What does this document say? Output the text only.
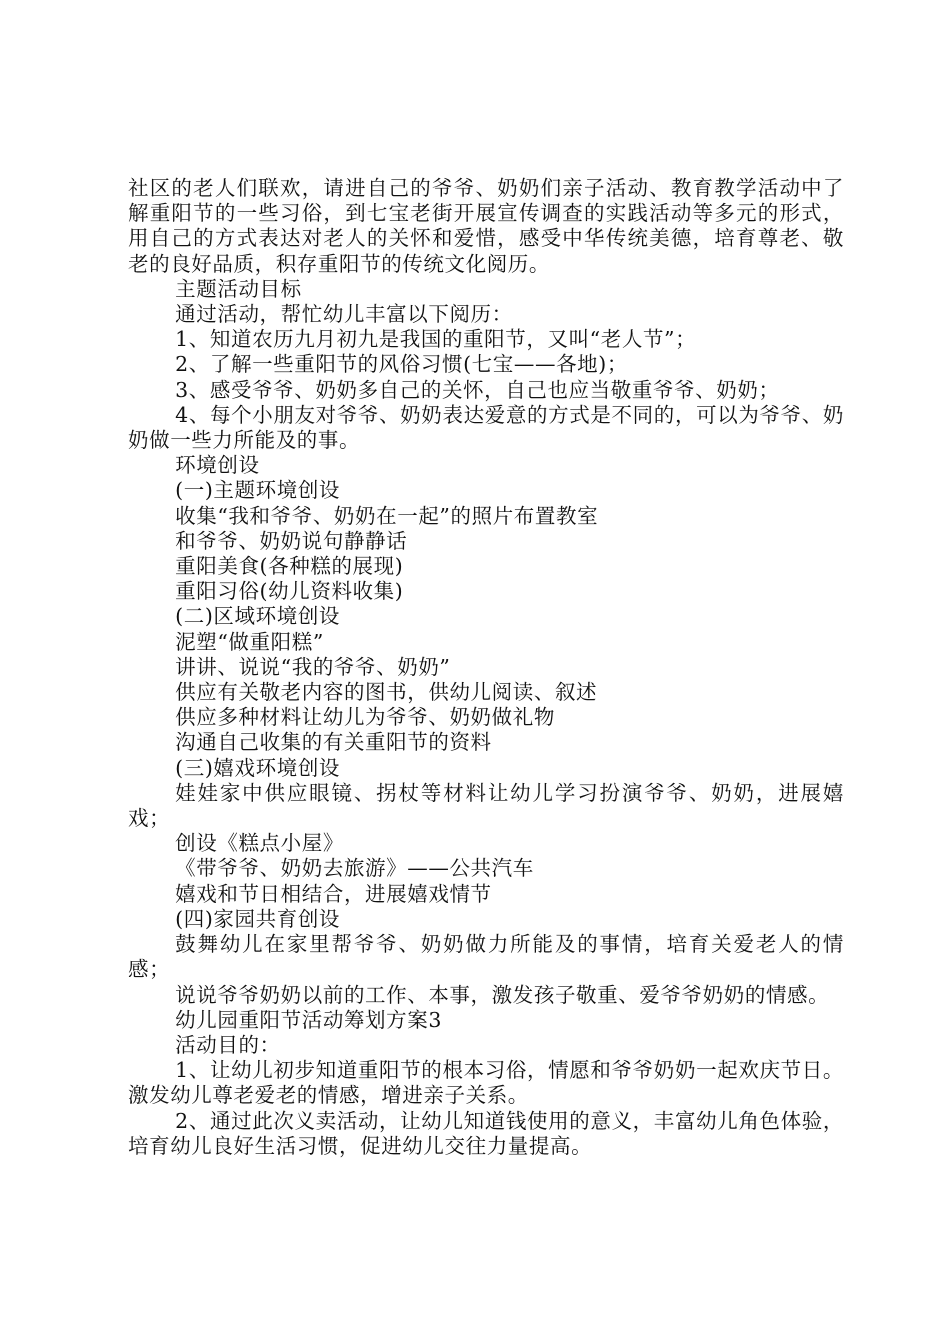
社区的老人们联欢，请进自己的爷爷、奶奶们亲子活动、教育教学活动中了解重阳节的一些习俗，到七宝老街开展宣传调查的实践活动等多元的形式，用自己的方式表达对老人的关怀和爱惜，感受中华传统美德，培育尊老、敬老的良好品质，积存重阳节的传统文化阅历。

主题活动目标

通过活动，帮忙幼儿丰富以下阅历：

1、知道农历九月初九是我国的重阳节，又叫“老人节”；

2、了解一些重阳节的风俗习惯(七宝——各地)；

3、感受爷爷、奶奶多自己的关怀，自己也应当敬重爷爷、奶奶；

4、每个小朋友对爷爷、奶奶表达爱意的方式是不同的，可以为爷爷、奶奶做一些力所能及的事。

环境创设

(一)主题环境创设

收集“我和爷爷、奶奶在一起”的照片布置教室

和爷爷、奶奶说句静静话

重阳美食(各种糕的展现)

重阳习俗(幼儿资料收集)

(二)区域环境创设

泥塑“做重阳糕”

讲讲、说说“我的爷爷、奶奶”

供应有关敬老内容的图书，供幼儿阅读、叙述

供应多种材料让幼儿为爷爷、奶奶做礼物

沟通自己收集的有关重阳节的资料

(三)嬉戏环境创设

娃娃家中供应眼镜、拐杖等材料让幼儿学习扮演爷爷、奶奶，进展嬉戏；

创设《糕点小屋》

《带爷爷、奶奶去旅游》——公共汽车

嬉戏和节日相结合，进展嬉戏情节

(四)家园共育创设

鼓舞幼儿在家里帮爷爷、奶奶做力所能及的事情，培育关爱老人的情感；

说说爷爷奶奶以前的工作、本事，激发孩子敬重、爱爷爷奶奶的情感。

幼儿园重阳节活动筹划方案3

活动目的：

1、让幼儿初步知道重阳节的根本习俗，情愿和爷爷奶奶一起欢庆节日。激发幼儿尊老爱老的情感，增进亲子关系。

2、通过此次义卖活动，让幼儿知道钱使用的意义，丰富幼儿角色体验，培育幼儿良好生活习惯，促进幼儿交往力量提高。
